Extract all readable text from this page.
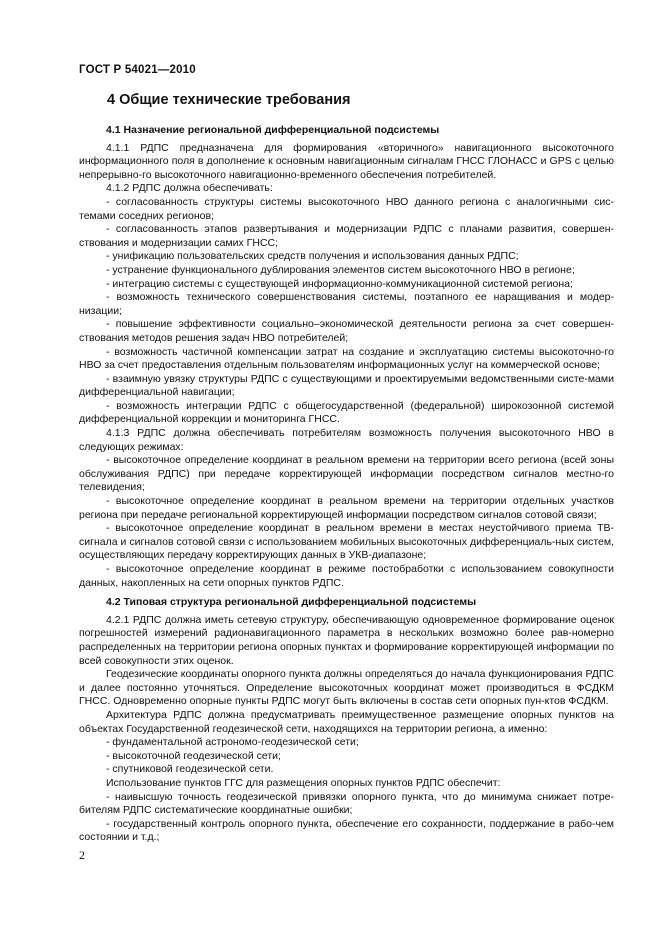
ГОСТ Р 54021—2010
4 Общие технические требования
4.1 Назначение региональной дифференциальной подсистемы

4.1.1 РДПС предназначена для формирования «вторичного» навигационного высокоточного информационного поля в дополнение к основным навигационным сигналам ГНСС ГЛОНАСС и GPS с целью непрерывно-го высокоточного навигационно-временного обеспечения потребителей.

4.1.2 РДПС должна обеспечивать:

- согласованность структуры системы высокоточного НВО данного региона с аналогичными сис-темами соседних регионов;

- согласованность этапов развертывания и модернизации РДПС с планами развития, совершен-ствования и модернизации самих ГНСС;

- унификацию пользовательских средств получения и использования данных РДПС;

- устранение функционального дублирования элементов систем высокоточного НВО в регионе;

- интеграцию системы с существующей информационно-коммуникационной системой региона;

- возможность технического совершенствования системы, поэтапного ее наращивания и модер-низации;

- повышение эффективности социально–экономической деятельности региона за счет совершен-ствования методов решения задач НВО потребителей;

- возможность частичной компенсации затрат на создание и эксплуатацию системы высокоточно-го НВО за счет предоставления отдельным пользователям информационных услуг на коммерческой основе;

- взаимную увязку структуры РДПС с существующими и проектируемыми ведомственными систе-мами дифференциальной навигации;

- возможность интеграции РДПС с общегосударственной (федеральной) широкозонной системой дифференциальной коррекции и мониторинга ГНСС.

4.1.3 РДПС должна обеспечивать потребителям возможность получения высокоточного НВО в следующих режимах:

- высокоточное определение координат в реальном времени на территории всего региона (всей зоны обслуживания РДПС) при передаче корректирующей информации посредством сигналов местно-го телевидения;

- высокоточное определение координат в реальном времени на территории отдельных участков региона при передаче региональной корректирующей информации посредством сигналов сотовой связи;

- высокоточное определение координат в реальном времени в местах неустойчивого приема ТВ-сигнала и сигналов сотовой связи с использованием мобильных высокоточных дифференциаль-ных систем, осуществляющих передачу корректирующих данных в УКВ-диапазоне;

- высокоточное определение координат в режиме постобработки с использованием совокупности данных, накопленных на сети опорных пунктов РДПС.

4.2 Типовая структура региональной дифференциальной подсистемы

4.2.1 РДПС должна иметь сетевую структуру, обеспечивающую одновременное формирование оценок погрешностей измерений радионавигационного параметра в нескольких возможно более рав-номерно распределенных на территории региона опорных пунктах и формирование корректирующей информации по всей совокупности этих оценок.

Геодезические координаты опорного пункта должны определяться до начала функционирования РДПС и далее постоянно уточняться. Определение высокоточных координат может производиться в ФСДКМ ГНСС. Одновременно опорные пункты РДПС могут быть включены в состав сети опорных пун-ктов ФСДКМ.

Архитектура РДПС должна предусматривать преимущественное размещение опорных пунктов на объектах Государственной геодезической сети, находящихся на территории региона, а именно:

- фундаментальной астрономо-геодезической сети;

- высокоточной геодезической сети;

- спутниковой геодезической сети.

Использование пунктов ГГС для размещения опорных пунктов РДПС обеспечит:

- наивысшую точность геодезической привязки опорного пункта, что до минимума снижает потре-бителям РДПС систематические координатные ошибки;

- государственный контроль опорного пункта, обеспечение его сохранности, поддержание в рабо-чем состоянии и т.д.;

2
